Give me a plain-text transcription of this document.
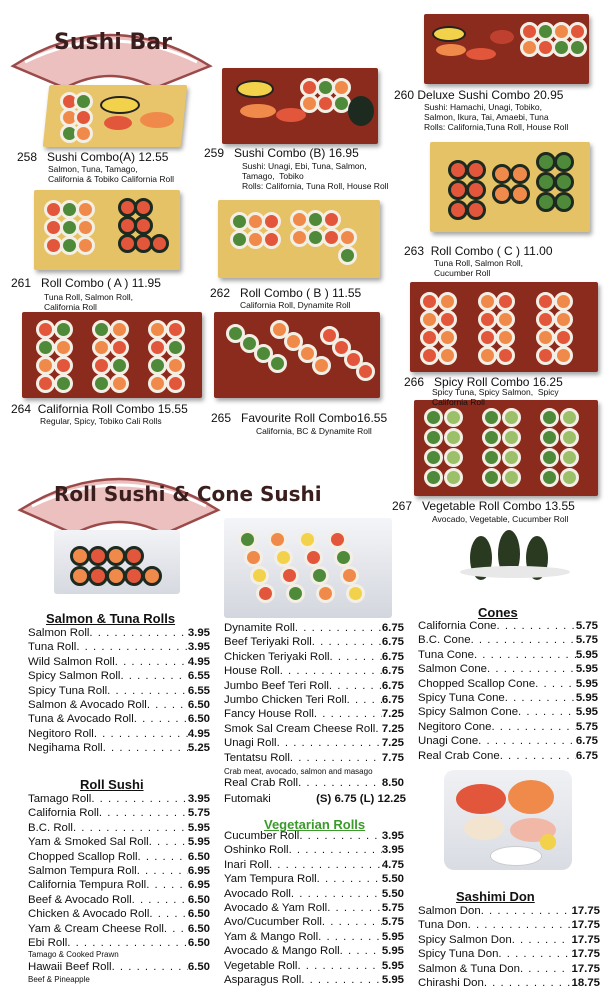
Sushi Bar
258 Sushi Combo(A) 12.55
Salmon, Tuna, Tamago,
California & Tobiko California Roll
259 Sushi Combo (B) 16.95
Sushi: Unagi, Ebi, Tuna, Salmon,
Tamago,  Tobiko
Rolls: California, Tuna Roll, House Roll
260 Deluxe Sushi Combo 20.95
Sushi: Hamachi, Unagi, Tobiko,
Salmon, Ikura, Tai, Amaebi, Tuna
Rolls: California,Tuna Roll, House Roll
261 Roll Combo ( A ) 11.95
Tuna Roll, Salmon Roll,
California Roll
262 Roll Combo ( B ) 11.55
California Roll, Dynamite Roll
263 Roll Combo ( C ) 11.00
Tuna Roll, Salmon Roll,
Cucumber Roll
264 California Roll Combo 15.55
Regular, Spicy, Tobiko Cali Rolls	265 Favourite Roll Combo16.55
California, BC & Dynamite Roll
266 Spicy Roll Combo 16.25
Spicy Tuna, Spicy Salmon,  Spicy
California Roll
267 Vegetable Roll Combo 13.55
Avocado, Vegetable, Cucumber Roll
Roll Sushi & Cone Sushi
Salmon & Tuna Rolls
Salmon Roll . . .	3.95
Tuna Roll . . .	3.95
Wild Salmon Roll . . .	4.95
Spicy Salmon Roll . . .	6.55
Spicy Tuna Roll . . .	6.55
Salmon & Avocado Roll . . .	6.50
Tuna & Avocado Roll . . .	6.50
Negitoro Roll . . .	4.95
Negihama Roll . . .	5.25
Roll Sushi
Tamago Roll . . .	3.95
California Roll . . .	5.75
B.C. Roll . . .	5.95
Yam & Smoked Sal Roll . . .	5.95
Chopped Scallop Roll . . .	6.50
Salmon Tempura Roll . . .	6.95
California Tempura Roll . . .	6.95
Beef & Avocado Roll . . .	6.50
Chicken & Avocado Roll . . .	6.50
Yam & Cream Cheese Roll . . . 6.50
Ebi Roll . . .	6.50
Tamago & Cooked Prawn
Hawaii Beef Roll . . .	6.50
Beef & Pineapple
Dynamite Roll . . .	6.75
Beef Teriyaki Roll . . .	6.75
Chicken Teriyaki Roll . . .	6.75
House Roll . . .	6.75
Jumbo Beef Teri Roll . . .	6.75
Jumbo Chicken Teri Roll . . .	6.75
Fancy House Roll . . .	7.25
Smok Sal Cream Cheese Roll . . . 7.25
Unagi Roll . . .	7.25
Tentatsu Roll . . .	7.75
Crab meat, avocado, salmon and masago
Real Crab Roll . . .	8.50
Futomaki	(S) 6.75 (L) 12.25
Vegetarian Rolls
Cucumber Roll . . .	3.95
Oshinko Roll . . .	3.95
Inari Roll . . .	4.75
Yam Tempura Roll . . .	5.50
Avocado Roll . . .	5.50
Avocado & Yam Roll . . .	5.75
Avo/Cucumber Roll . . .	5.75
Yam & Mango Roll . . .	5.95
Avocado & Mango Roll . . .	5.95
Vegetable Roll . . .	5.95
Asparagus Roll . . .	5.95
Cones
California Cone . . .	5.75
B.C. Cone . . .	5.75
Tuna Cone . . .	5.95
Salmon Cone . . .	5.95
Chopped Scallop Cone . . .	5.95
Spicy Tuna Cone . . .	5.95
Spicy Salmon Cone . . .	5.95
Negitoro Cone . . .	5.75
Unagi Cone . . .	6.75
Real Crab Cone . . .	6.75
Sashimi Don
Salmon Don . . .	17.75
Tuna Don . . .	17.75
Spicy Salmon Don . . .	17.75
Spicy Tuna Don . . .	17.75
Salmon & Tuna Don . . .	17.75
Chirashi Don . . .	18.75
